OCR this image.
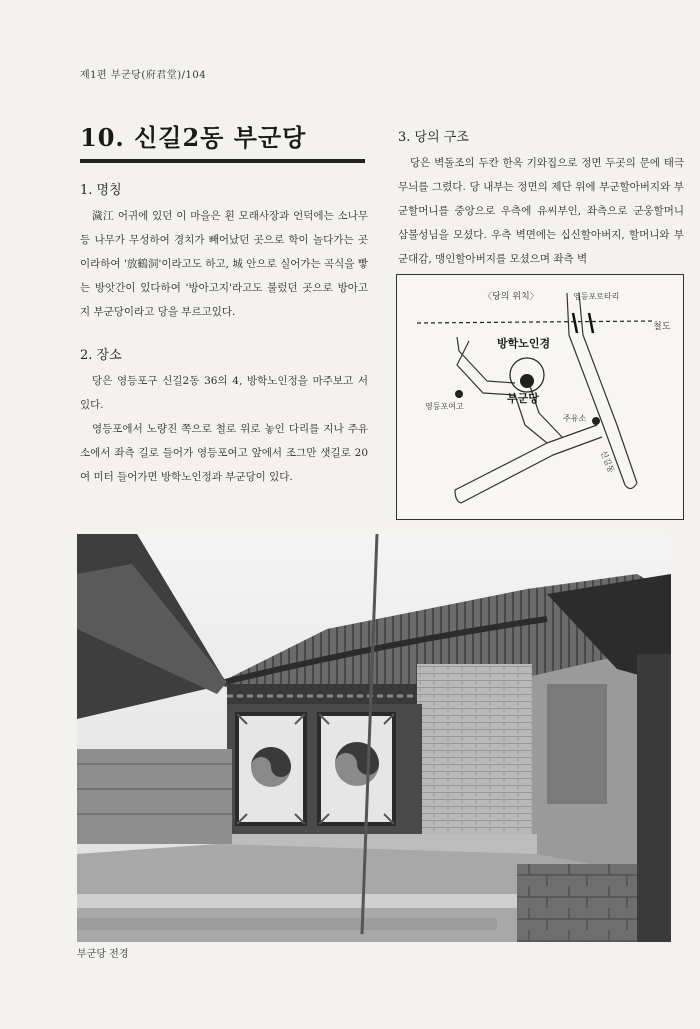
제1편 부군당(府君堂)/104
10. 신길2동 부군당
1. 명칭

濊江 어귀에 있던 이 마을은 흰 모래사장과 언덕에는 소나무 등 나무가 무성하여 경치가 빼어났던 곳으로 학이 놀다가는 곳이라하여 '放鶴洞'이라고도 하고, 城 안으로 실어가는 곡식을 빻는 방앗간이 있다하여 '방아고지'라고도 불렀던 곳으로 방아고지 부군당이라고 당을 부르고있다.

2. 장소

당은 영등포구 신길2동 36의 4, 방학노인정을 마주보고 서있다.

영등포에서 노량진 쪽으로 철로 위로 놓인 다리를 지나 주유소에서 좌측 길로 들어가 영등포여고 앞에서 조그만 샛길로 20여 미터 들어가면 방학노인정과 부군당이 있다.

3. 당의 구조

당은 벽돌조의 두칸 한옥 기와집으로 정면 두곳의 문에 태극무늬를 그렸다. 당 내부는 정면의 제단 위에 부군할아버지와 부군할머니를 중앙으로 우측에 유씨부인, 좌측으로 군웅할머니 삼불성님을 모셨다. 우측 벽면에는 십신할아버지, 할머니와 부군대감, 맹인할아버지를 모셨으며 좌측 벽

〈당의 위치〉	영등포로타리
철도
방학노인경
부군당
영등포여고
주유소
신길동
부군당 전경
